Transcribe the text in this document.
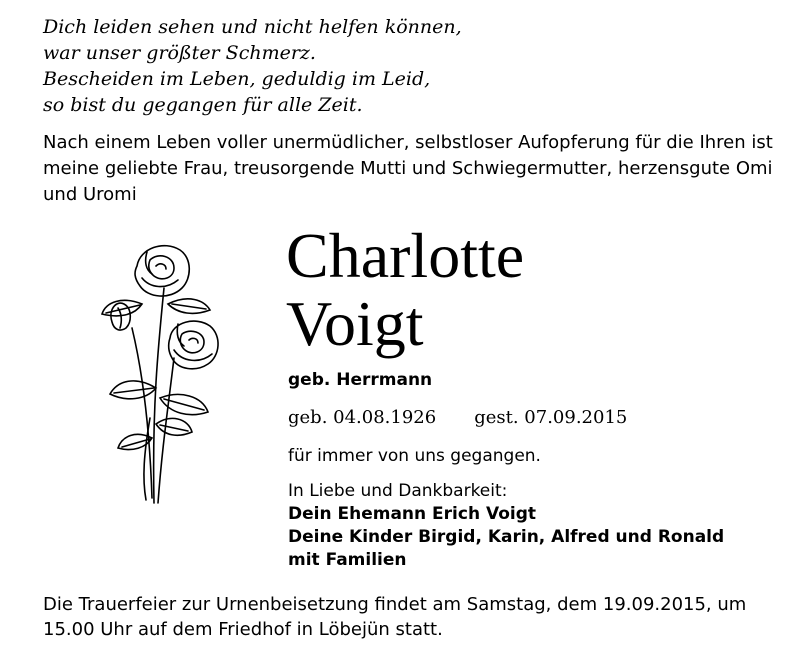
Dich leiden sehen und nicht helfen können,
war unser größter Schmerz.
Bescheiden im Leben, geduldig im Leid,
so bist du gegangen für alle Zeit.
Nach einem Leben voller unermüdlicher, selbstloser Aufopferung für die Ihren ist meine geliebte Frau, treusorgende Mutti und Schwiegermutter, herzensgute Omi und Uromi
Charlotte
Voigt
geb. Herrmann
geb. 04.08.1926 gest. 07.09.2015
für immer von uns gegangen.
In Liebe und Dankbarkeit:
Dein Ehemann Erich Voigt
Deine Kinder Birgid, Karin, Alfred und Ronald
mit Familien
Die Trauerfeier zur Urnenbeisetzung findet am Samstag, dem 19.09.2015, um 15.00 Uhr auf dem Friedhof in Löbejün statt.
